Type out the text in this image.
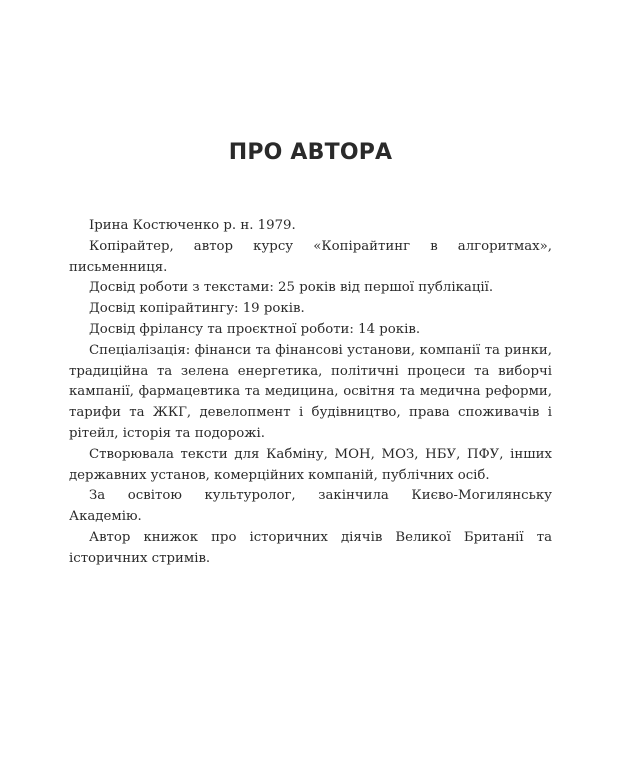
ПРО АВТОРА

Ірина Костюченко р. н. 1979.

Копірайтер, автор курсу «Копірайтинг в алгоритмах», письменниця.

Досвід роботи з текстами: 25 років від першої публікації.

Досвід копірайтингу: 19 років.

Досвід фрілансу та проєктної роботи: 14 років.

Спеціалізація: фінанси та фінансові установи, компанії та ринки, традиційна та зелена енергетика, політичні процеси та виборчі кампанії, фармацевтика та медицина, освітня та медична реформи, тарифи та ЖКГ, девелопмент і будівництво, права споживачів і рітейл, історія та подорожі.

Створювала тексти для Кабміну, МОН, МОЗ, НБУ, ПФУ, інших державних установ, комерційних компаній, публічних осіб.

За освітою культуролог, закінчила Києво-Могилянську Академію.

Автор книжок про історичних діячів Великої Британії та історичних стримів.
